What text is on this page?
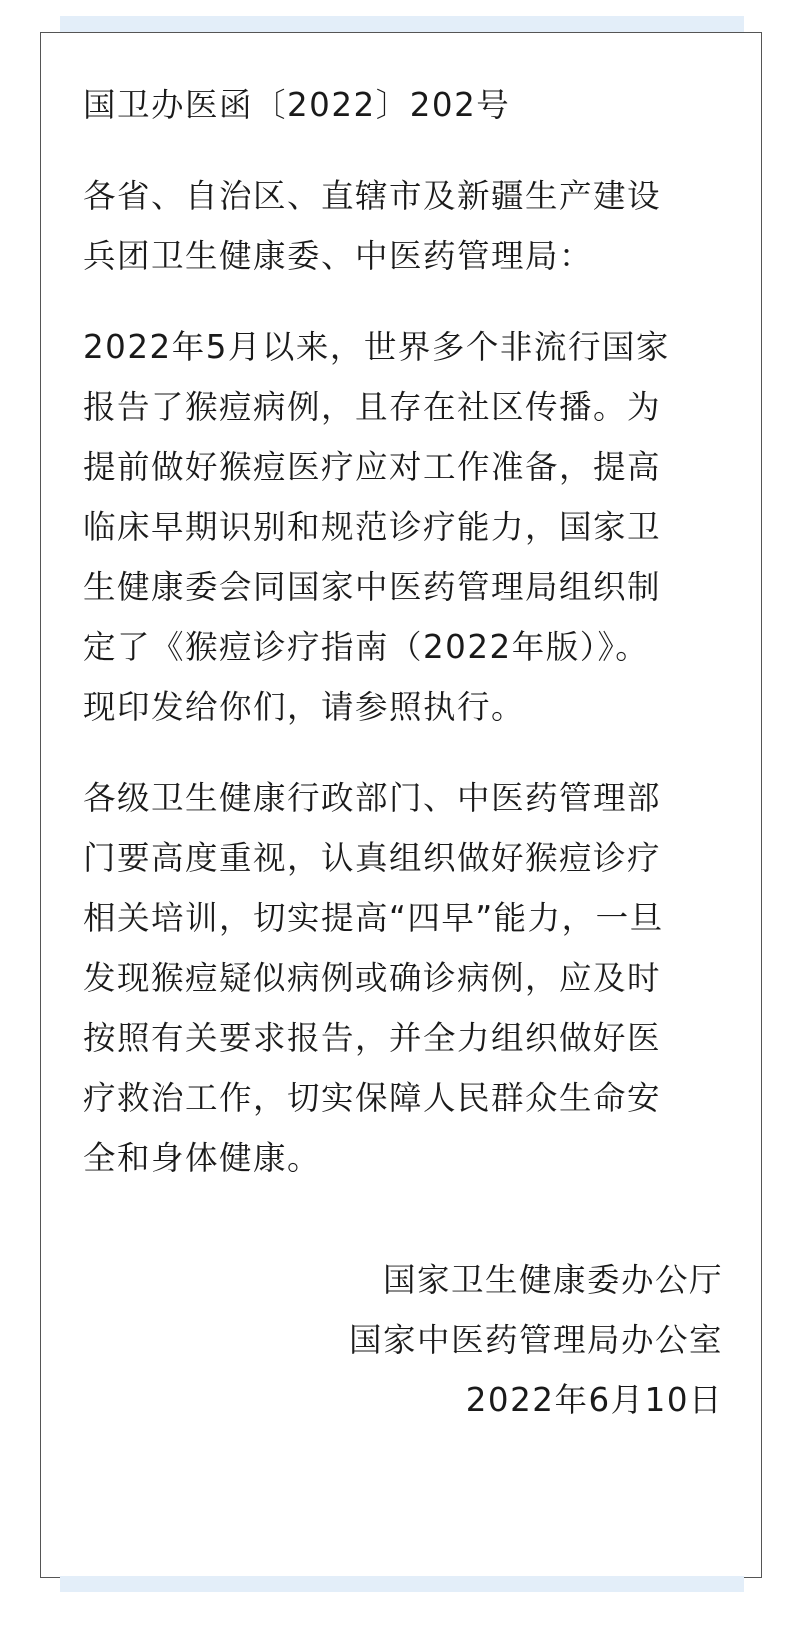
国卫办医函〔2022〕202号
各省、自治区、直辖市及新疆生产建设
兵团卫生健康委、中医药管理局：
2022年5月以来，世界多个非流行国家
报告了猴痘病例，且存在社区传播。为
提前做好猴痘医疗应对工作准备，提高
临床早期识别和规范诊疗能力，国家卫
生健康委会同国家中医药管理局组织制
定了《猴痘诊疗指南（2022年版）》。
现印发给你们，请参照执行。
各级卫生健康行政部门、中医药管理部
门要高度重视，认真组织做好猴痘诊疗
相关培训，切实提高“四早”能力，一旦
发现猴痘疑似病例或确诊病例，应及时
按照有关要求报告，并全力组织做好医
疗救治工作，切实保障人民群众生命安
全和身体健康。
国家卫生健康委办公厅
国家中医药管理局办公室
2022年6月10日
